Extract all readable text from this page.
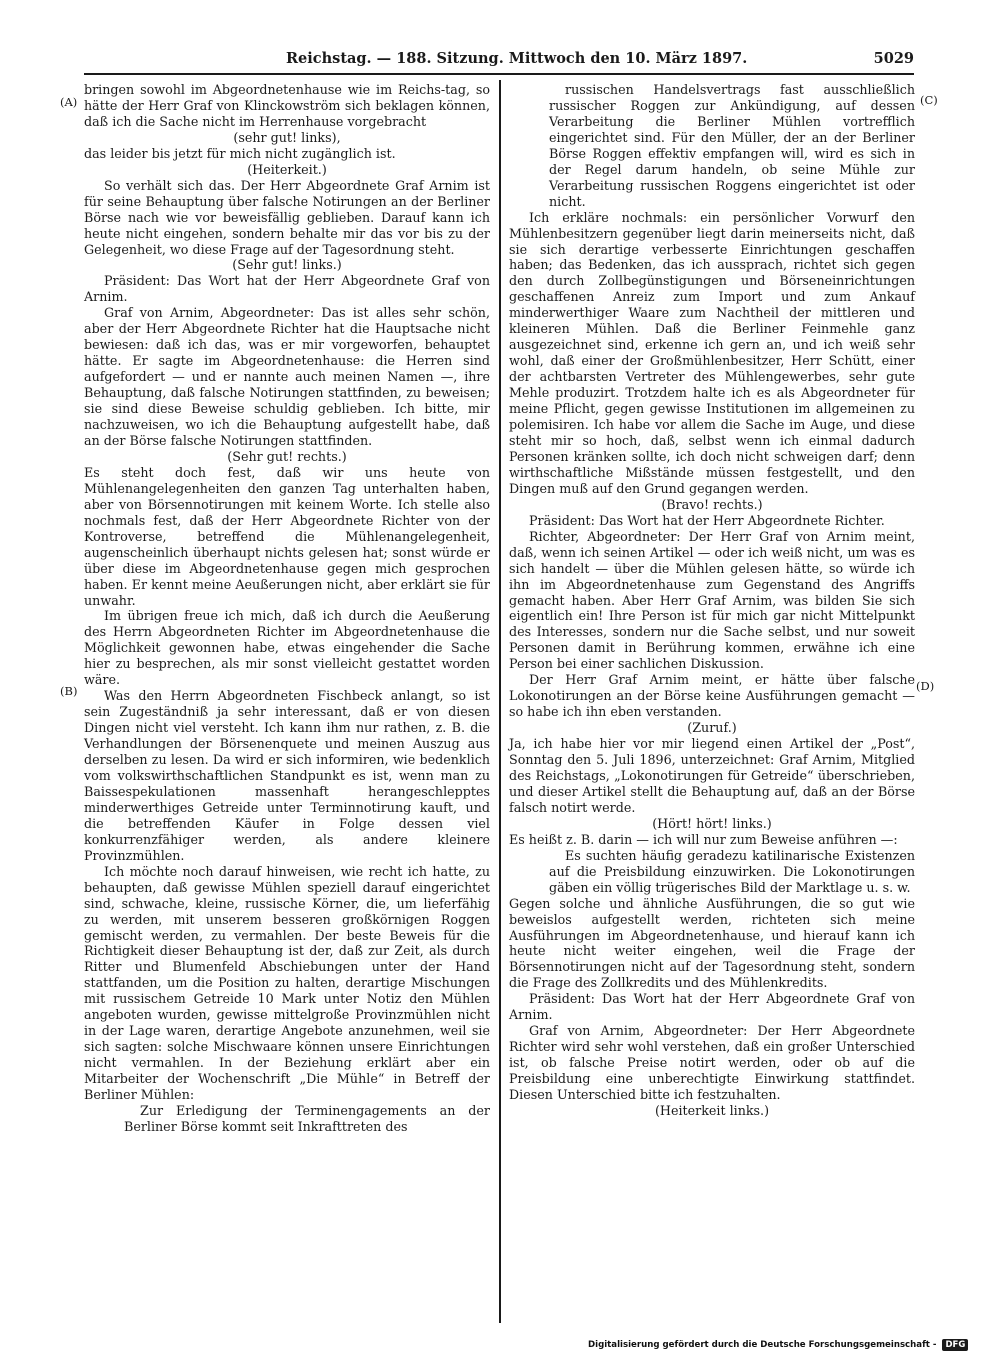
Reichstag. — 188. Sitzung. Mittwoch den 10. März 1897.	5029
(A)
(B)
(C)
(D)

bringen sowohl im Abgeordnetenhause wie im Reichs-tag, so hätte der Herr Graf von Klinckowström sich beklagen können, daß ich die Sache nicht im Herrenhause vorgebracht

(sehr gut! links),

das leider bis jetzt für mich nicht zugänglich ist.

(Heiterkeit.)

So verhält sich das. Der Herr Abgeordnete Graf Arnim ist für seine Behauptung über falsche Notirungen an der Berliner Börse nach wie vor beweisfällig geblieben. Darauf kann ich heute nicht eingehen, sondern behalte mir das vor bis zu der Gelegenheit, wo diese Frage auf der Tagesordnung steht.

(Sehr gut! links.)

Präsident: Das Wort hat der Herr Abgeordnete Graf von Arnim.

Graf von Arnim, Abgeordneter: Das ist alles sehr schön, aber der Herr Abgeordnete Richter hat die Hauptsache nicht bewiesen: daß ich das, was er mir vorgeworfen, behauptet hätte. Er sagte im Abgeordnetenhause: die Herren sind aufgefordert — und er nannte auch meinen Namen —, ihre Behauptung, daß falsche Notirungen stattfinden, zu beweisen; sie sind diese Beweise schuldig geblieben. Ich bitte, mir nachzuweisen, wo ich die Behauptung aufgestellt habe, daß an der Börse falsche Notirungen stattfinden.

(Sehr gut! rechts.)

Es steht doch fest, daß wir uns heute von Mühlenangelegenheiten den ganzen Tag unterhalten haben, aber von Börsennotirungen mit keinem Worte. Ich stelle also nochmals fest, daß der Herr Abgeordnete Richter von der Kontroverse, betreffend die Mühlenangelegenheit, augenscheinlich überhaupt nichts gelesen hat; sonst würde er über diese im Abgeordnetenhause gegen mich gesprochen haben. Er kennt meine Aeußerungen nicht, aber erklärt sie für unwahr.

Im übrigen freue ich mich, daß ich durch die Aeußerung des Herrn Abgeordneten Richter im Abgeordnetenhause die Möglichkeit gewonnen habe, etwas eingehender die Sache hier zu besprechen, als mir sonst vielleicht gestattet worden wäre.

Was den Herrn Abgeordneten Fischbeck anlangt, so ist sein Zugeständniß ja sehr interessant, daß er von diesen Dingen nicht viel versteht. Ich kann ihm nur rathen, z. B. die Verhandlungen der Börsenenquete und meinen Auszug aus derselben zu lesen. Da wird er sich informiren, wie bedenklich vom volkswirthschaftlichen Standpunkt es ist, wenn man zu Baissespekulationen massenhaft herangeschlepptes minderwerthiges Getreide unter Terminnotirung kauft, und die betreffenden Käufer in Folge dessen viel konkurrenzfähiger werden, als andere kleinere Provinzmühlen.

Ich möchte noch darauf hinweisen, wie recht ich hatte, zu behaupten, daß gewisse Mühlen speziell darauf eingerichtet sind, schwache, kleine, russische Körner, die, um lieferfähig zu werden, mit unserem besseren großkörnigen Roggen gemischt werden, zu vermahlen. Der beste Beweis für die Richtigkeit dieser Behauptung ist der, daß zur Zeit, als durch Ritter und Blumenfeld Abschiebungen unter der Hand stattfanden, um die Position zu halten, derartige Mischungen mit russischem Getreide 10 Mark unter Notiz den Mühlen angeboten wurden, gewisse mittelgroße Provinzmühlen nicht in der Lage waren, derartige Angebote anzunehmen, weil sie sich sagten: solche Mischwaare können unsere Einrichtungen nicht vermahlen. In der Beziehung erklärt aber ein Mitarbeiter der Wochenschrift „Die Mühle“ in Betreff der Berliner Mühlen:

Zur Erledigung der Terminengagements an der Berliner Börse kommt seit Inkrafttreten des

russischen Handelsvertrags fast ausschließlich russischer Roggen zur Ankündigung, auf dessen Verarbeitung die Berliner Mühlen vortrefflich eingerichtet sind. Für den Müller, der an der Berliner Börse Roggen effektiv empfangen will, wird es sich in der Regel darum handeln, ob seine Mühle zur Verarbeitung russischen Roggens eingerichtet ist oder nicht.

Ich erkläre nochmals: ein persönlicher Vorwurf den Mühlenbesitzern gegenüber liegt darin meinerseits nicht, daß sie sich derartige verbesserte Einrichtungen geschaffen haben; das Bedenken, das ich aussprach, richtet sich gegen den durch Zollbegünstigungen und Börseneinrichtungen geschaffenen Anreiz zum Import und zum Ankauf minderwerthiger Waare zum Nachtheil der mittleren und kleineren Mühlen. Daß die Berliner Feinmehle ganz ausgezeichnet sind, erkenne ich gern an, und ich weiß sehr wohl, daß einer der Großmühlenbesitzer, Herr Schütt, einer der achtbarsten Vertreter des Mühlengewerbes, sehr gute Mehle produzirt. Trotzdem halte ich es als Abgeordneter für meine Pflicht, gegen gewisse Institutionen im allgemeinen zu polemisiren. Ich habe vor allem die Sache im Auge, und diese steht mir so hoch, daß, selbst wenn ich einmal dadurch Personen kränken sollte, ich doch nicht schweigen darf; denn wirthschaftliche Mißstände müssen festgestellt, und den Dingen muß auf den Grund gegangen werden.

(Bravo! rechts.)

Präsident: Das Wort hat der Herr Abgeordnete Richter.

Richter, Abgeordneter: Der Herr Graf von Arnim meint, daß, wenn ich seinen Artikel — oder ich weiß nicht, um was es sich handelt — über die Mühlen gelesen hätte, so würde ich ihn im Abgeordnetenhause zum Gegenstand des Angriffs gemacht haben. Aber Herr Graf Arnim, was bilden Sie sich eigentlich ein! Ihre Person ist für mich gar nicht Mittelpunkt des Interesses, sondern nur die Sache selbst, und nur soweit Personen damit in Berührung kommen, erwähne ich eine Person bei einer sachlichen Diskussion.

Der Herr Graf Arnim meint, er hätte über falsche Lokonotirungen an der Börse keine Ausführungen gemacht — so habe ich ihn eben verstanden.

(Zuruf.)

Ja, ich habe hier vor mir liegend einen Artikel der „Post“, Sonntag den 5. Juli 1896, unterzeichnet: Graf Arnim, Mitglied des Reichstags, „Lokonotirungen für Getreide“ überschrieben, und dieser Artikel stellt die Behauptung auf, daß an der Börse falsch notirt werde.

(Hört! hört! links.)

Es heißt z. B. darin — ich will nur zum Beweise anführen —:

Es suchten häufig geradezu katilinarische Existenzen auf die Preisbildung einzuwirken. Die Lokonotirungen gäben ein völlig trügerisches Bild der Marktlage u. s. w.

Gegen solche und ähnliche Ausführungen, die so gut wie beweislos aufgestellt werden, richteten sich meine Ausführungen im Abgeordnetenhause, und hierauf kann ich heute nicht weiter eingehen, weil die Frage der Börsennotirungen nicht auf der Tagesordnung steht, sondern die Frage des Zollkredits und des Mühlenkredits.

Präsident: Das Wort hat der Herr Abgeordnete Graf von Arnim.

Graf von Arnim, Abgeordneter: Der Herr Abgeordnete Richter wird sehr wohl verstehen, daß ein großer Unterschied ist, ob falsche Preise notirt werden, oder ob auf die Preisbildung eine unberechtigte Einwirkung stattfindet. Diesen Unterschied bitte ich festzuhalten.

(Heiterkeit links.)

Digitalisierung gefördert durch die Deutsche Forschungsgemeinschaft - DFG
